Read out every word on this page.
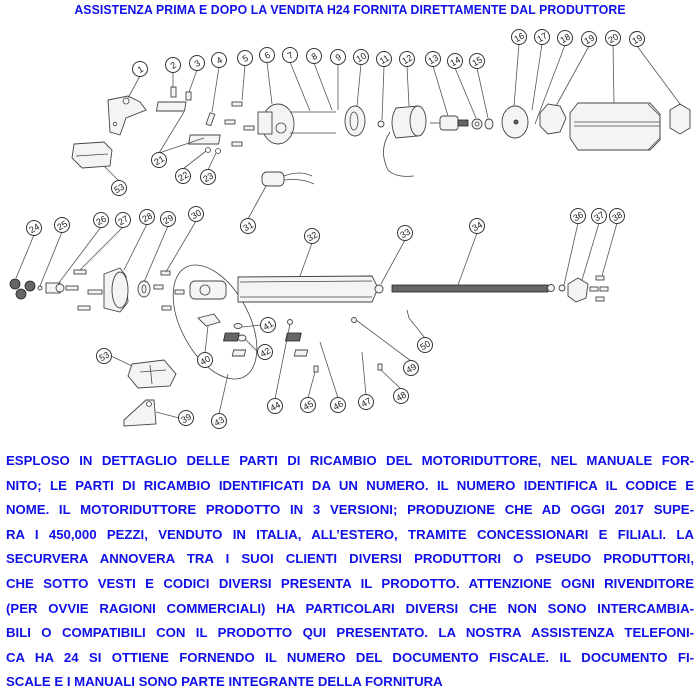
ASSISTENZA PRIMA E DOPO LA VENDITA H24 FORNITA DIRETTAMENTE DAL PRODUTTORE
1	2 3 4 5 6 7 8 9 10 11 12 13 14 15
16 17 18 19 20 19
21
22 23
53
31
24 25	26 27 28 29 30
32	33
34
36 37 38
41
42
40
49
50
53
44 45 46 47 48
39 43
ESPLOSO IN DETTAGLIO DELLE PARTI DI RICAMBIO DEL MOTORIDUTTORE, NEL MANUALE FOR-
NITO; LE PARTI DI RICAMBIO IDENTIFICATI DA UN NUMERO. IL NUMERO IDENTIFICA IL CODICE E
NOME. IL MOTORIDUTTORE PRODOTTO IN 3 VERSIONI; PRODUZIONE CHE AD OGGI 2017 SUPE-
RA I 450,000 PEZZI, VENDUTO IN ITALIA, ALL’ESTERO, TRAMITE CONCESSIONARI E FILIALI. LA
SECURVERA ANNOVERA TRA I SUOI CLIENTI DIVERSI PRODUTTORI O PSEUDO PRODUTTORI,
CHE SOTTO VESTI E CODICI DIVERSI PRESENTA IL PRODOTTO. ATTENZIONE OGNI RIVENDITORE
(PER OVVIE RAGIONI COMMERCIALI) HA PARTICOLARI DIVERSI CHE NON SONO INTERCAMBIA-
BILI O COMPATIBILI CON IL PRODOTTO QUI PRESENTATO. LA NOSTRA ASSISTENZA TELEFONI-
CA HA 24 SI OTTIENE FORNENDO IL NUMERO DEL DOCUMENTO FISCALE. IL DOCUMENTO FI-
SCALE E I MANUALI SONO PARTE INTEGRANTE DELLA FORNITURA
